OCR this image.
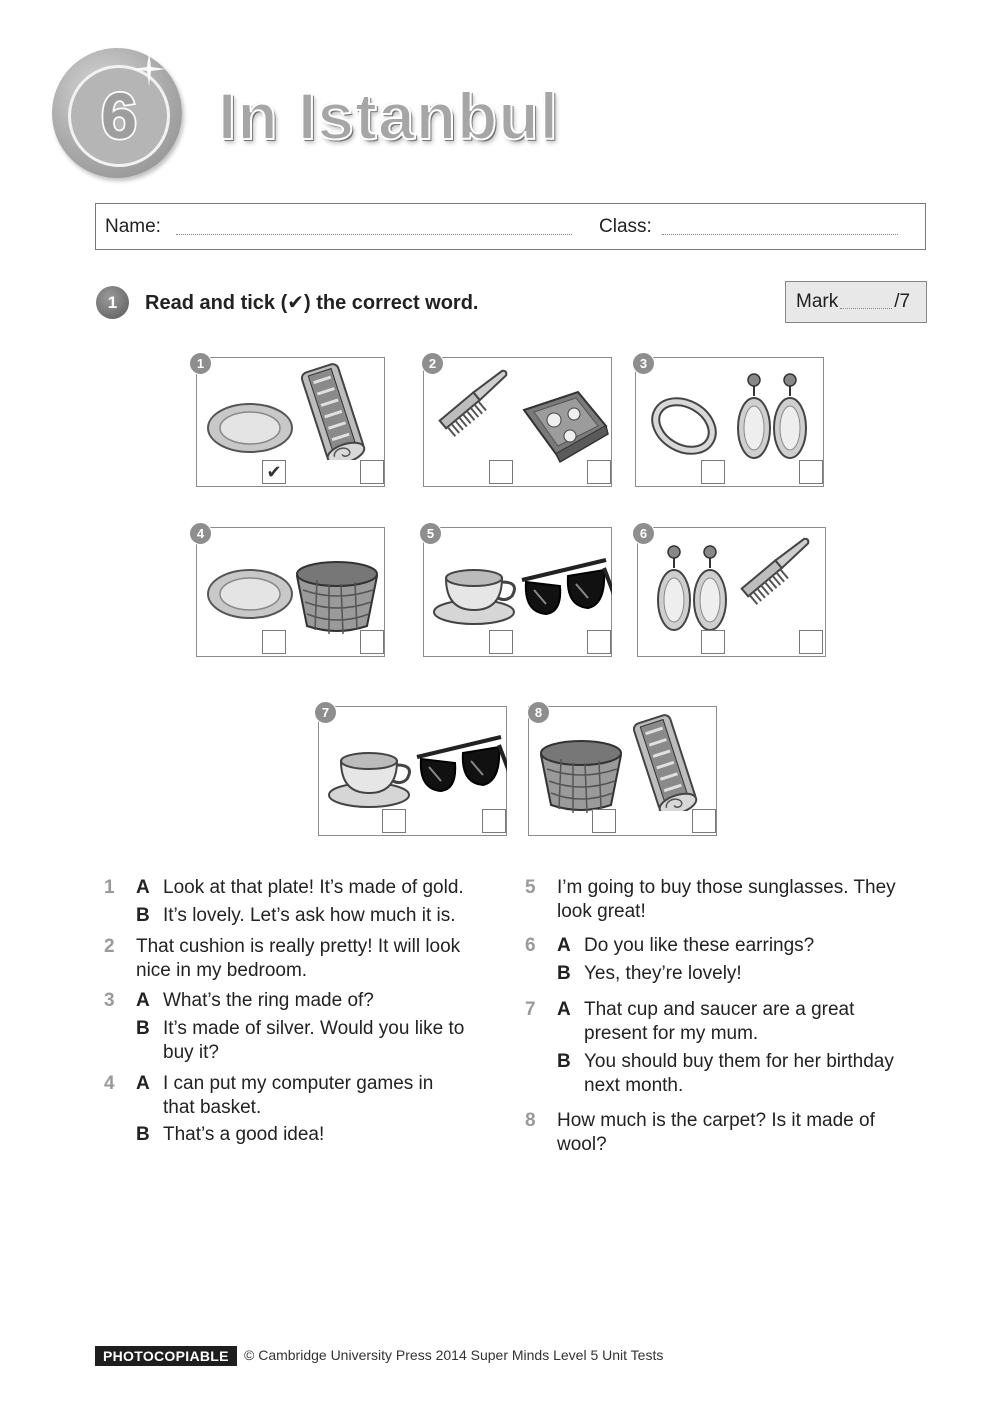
6	In Istanbul
Name:	Class:
1	Read and tick (✔) the correct word.	Mark	/7
✔
1	2	3
4	5	6
7	8
1 A Look at that plate! It’s made of gold.
B It’s lovely. Let’s ask how much it is.
2 That cushion is really pretty! It will look nice in my bedroom.
3 A What’s the ring made of?
B It’s made of silver. Would you like to buy it?
4 A I can put my computer games in that basket.
B That’s a good idea!
5 I’m going to buy those sunglasses. They look great!
6 A Do you like these earrings?
B Yes, they’re lovely!
7 A That cup and saucer are a great present for my mum.
B You should buy them for her birthday next month.
8 How much is the carpet? Is it made of wool?
PHOTOCOPIABLE	© Cambridge University Press 2014 Super Minds Level 5 Unit Tests
